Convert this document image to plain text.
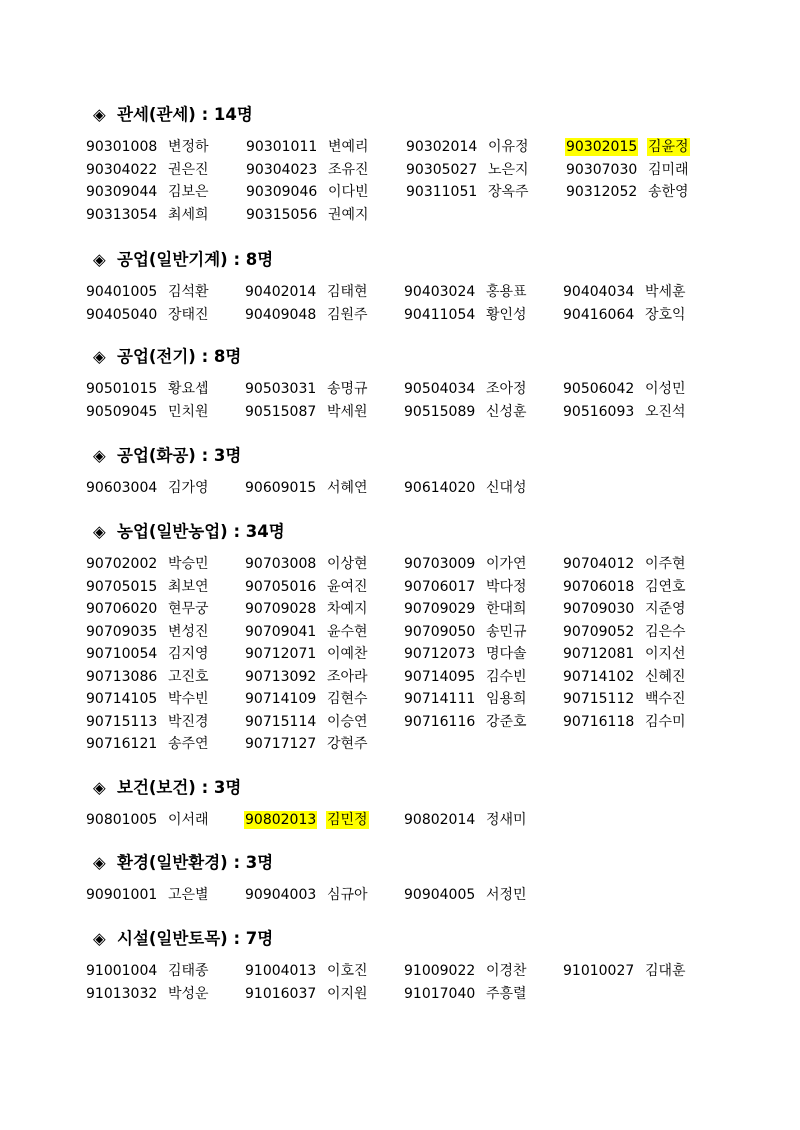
◈ 관세(관세) : 14명
90301008 변정하	90301011 변예리	90302014 이유정	90302015 김윤정
90304022 권은진	90304023 조유진	90305027 노은지	90307030 김미래
90309044 김보은	90309046 이다빈	90311051 장옥주	90312052 송한영
90313054 최세희	90315056 권예지
◈ 공업(일반기계) : 8명
90401005 김석환	90402014 김태현	90403024 홍용표	90404034 박세훈
90405040 장태진	90409048 김원주	90411054 황인성	90416064 장호익
◈ 공업(전기) : 8명
90501015 황요셉	90503031 송명규	90504034 조아정	90506042 이성민
90509045 민치원	90515087 박세원	90515089 신성훈	90516093 오진석
◈ 공업(화공) : 3명
90603004 김가영	90609015 서혜연	90614020 신대성
◈ 농업(일반농업) : 34명
90702002 박승민	90703008 이상현	90703009 이가연	90704012 이주현
90705015 최보연	90705016 윤여진	90706017 박다정	90706018 김연호
90706020 현무궁	90709028 차예지	90709029 한대희	90709030 지준영
90709035 변성진	90709041 윤수현	90709050 송민규	90709052 김은수
90710054 김지영	90712071 이예찬	90712073 명다솔	90712081 이지선
90713086 고진호	90713092 조아라	90714095 김수빈	90714102 신혜진
90714105 박수빈	90714109 김현수	90714111 임용희	90715112 백수진
90715113 박진경	90715114 이승연	90716116 강준호	90716118 김수미
90716121 송주연	90717127 강현주
◈ 보건(보건) : 3명
90801005 이서래	90802013 김민정	90802014 정새미
◈ 환경(일반환경) : 3명
90901001 고은별	90904003 심규아	90904005 서정민
◈ 시설(일반토목) : 7명
91001004 김태종	91004013 이호진	91009022 이경찬	91010027 김대훈
91013032 박성운	91016037 이지원	91017040 주흥렬
